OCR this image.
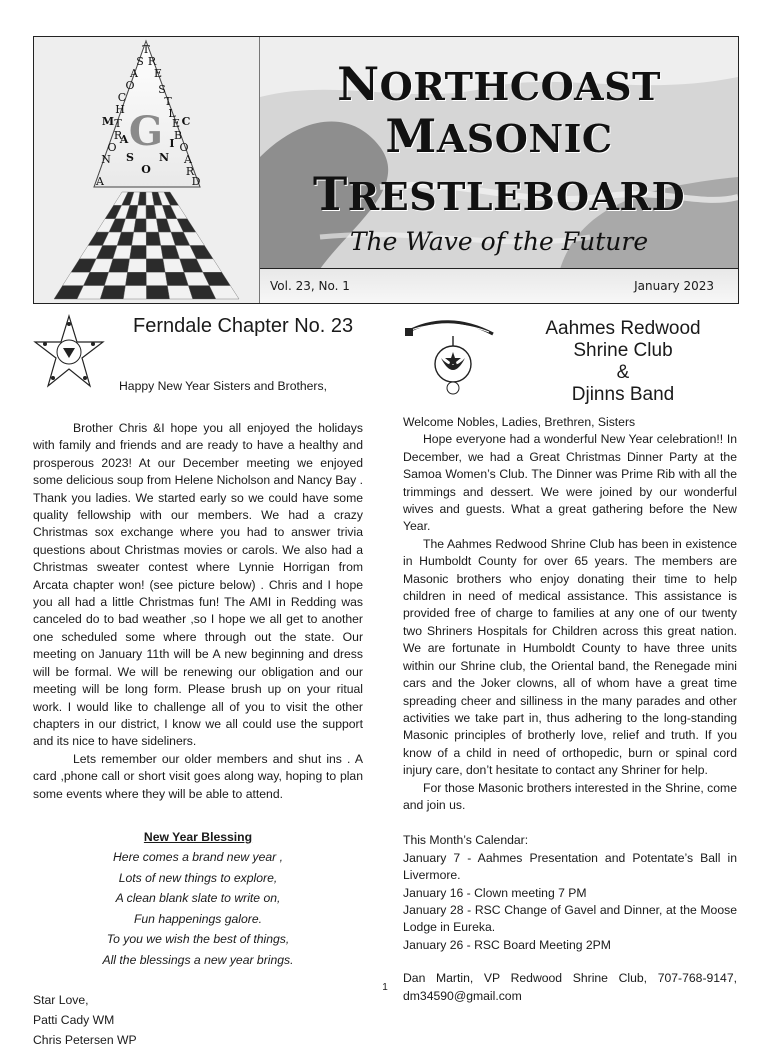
T
S R
A E
O S
C	T
H	L
M T	E C
R	B
O
A	I O
N S N A
O	R
A	D
G
NORTHCOAST
MASONIC
TRESTLEBOARD
The Wave of the Future
Vol. 23, No. 1	January 2023
Ferndale Chapter No. 23
Happy New Year Sisters and Brothers,

Brother Chris &I hope you all enjoyed the holidays with family and friends and are ready to have a healthy and prosperous 2023! At our December meeting we enjoyed some delicious soup from Helene Nicholson and Nancy Bay . Thank you ladies. We started early so we could have some quality fellowship with our members. We had a crazy Christmas sox exchange where you had to answer trivia questions about Christmas movies or carols. We also had a Christmas sweater contest where Lynnie Horrigan from Arcata chapter won! (see picture below) . Chris and I hope you all had a little Christmas fun! The AMI in Redding was canceled do to bad weather ,so I hope we all get to another one scheduled some where through out the state. Our meeting on January 11th will be A new beginning and dress will be formal. We will be renewing our obligation and our meeting will be long form. Please brush up on your ritual work. I would like to challenge all of you to visit the other chapters in our district, I know we all could use the support and its nice to have sideliners.

Lets remember our older members and shut ins . A card ,phone call or short visit goes along way, hoping to plan some events where they will be able to attend.

New Year Blessing
Here comes a brand new year ,
Lots of new things to explore,
A clean blank slate to write on,
Fun happenings galore.
To you we wish the best of things,
All the blessings a new year brings.
Star Love,
Patti Cady WM
Chris Petersen WP
Aahmes Redwood
Shrine Club
&
Djinns Band

Welcome Nobles, Ladies, Brethren, Sisters

Hope everyone had a wonderful New Year celebration!! In December, we had a Great Christmas Dinner Party at the Samoa Women’s Club. The Dinner was Prime Rib with all the trimmings and dessert. We were joined by our wonderful wives and guests. What a great gathering before the New Year.

The Aahmes Redwood Shrine Club has been in existence in Humboldt County for over 65 years. The members are Masonic brothers who enjoy donating their time to help children in need of medical assistance. This assistance is provided free of charge to families at any one of our twenty two Shriners Hospitals for Children across this great nation. We are fortunate in Humboldt County to have three units within our Shrine club, the Oriental band, the Renegade mini cars and the Joker clowns, all of whom have a great time spreading cheer and silliness in the many parades and other activities we take part in, thus adhering to the long-standing Masonic principles of brotherly love, relief and truth. If you know of a child in need of orthopedic, burn or spinal cord injury care, don’t hesitate to contact any Shriner for help.

For those Masonic brothers interested in the Shrine, come and join us.

This Month’s Calendar:
January 7 - Aahmes Presentation and Potentate’s Ball in Livermore.
January 16 - Clown meeting 7 PM
January 28 - RSC Change of Gavel and Dinner, at the Moose Lodge in Eureka.
January 26 - RSC Board Meeting 2PM
Dan Martin, VP Redwood Shrine Club, 707-768-9147, dm34590@gmail.com
1
